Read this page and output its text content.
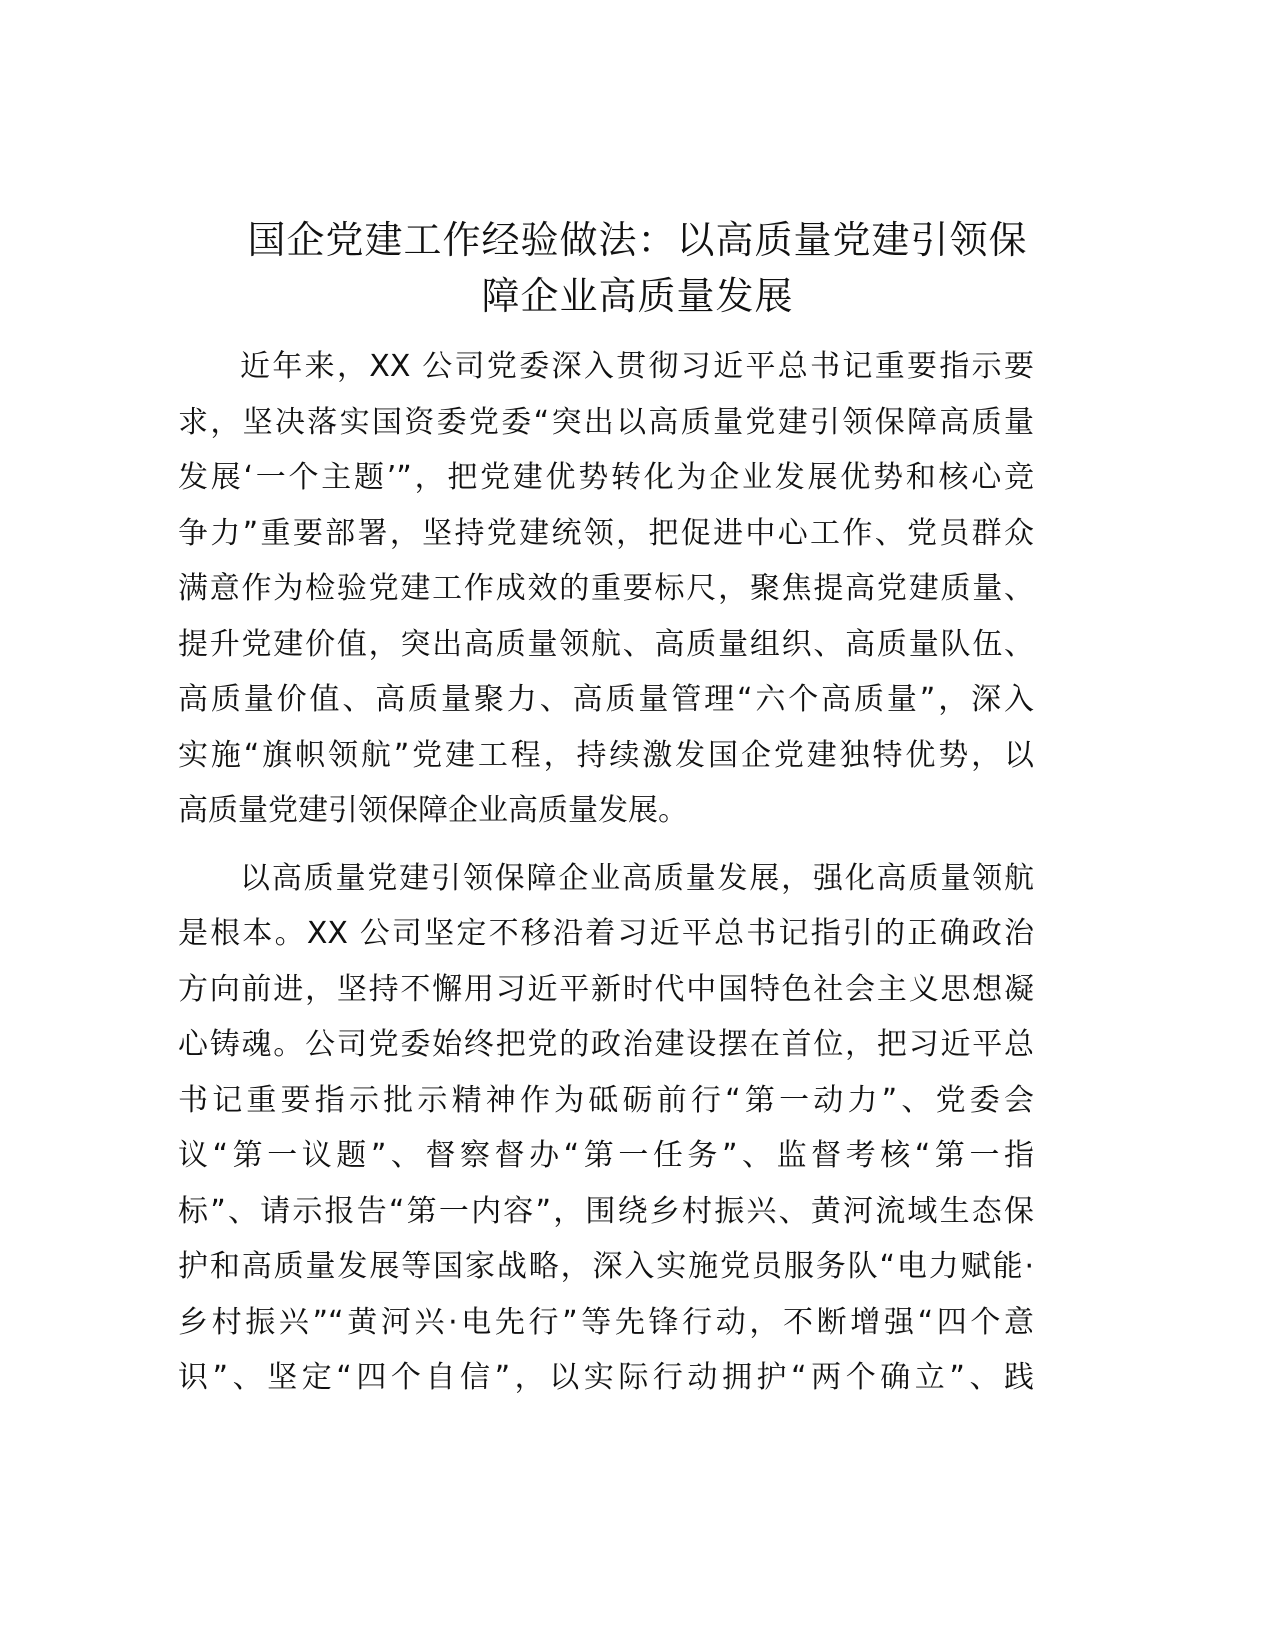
国企党建工作经验做法：以高质量党建引领保
障企业高质量发展
近年来，XX 公司党委深入贯彻习近平总书记重要指示要
求，坚决落实国资委党委“突出以高质量党建引领保障高质量
发展‘一个主题’”，把党建优势转化为企业发展优势和核心竞
争力”重要部署，坚持党建统领，把促进中心工作、党员群众
满意作为检验党建工作成效的重要标尺，聚焦提高党建质量、
提升党建价值，突出高质量领航、高质量组织、高质量队伍、
高质量价值、高质量聚力、高质量管理“六个高质量”，深入
实施“旗帜领航”党建工程，持续激发国企党建独特优势，以
高质量党建引领保障企业高质量发展。
以高质量党建引领保障企业高质量发展，强化高质量领航
是根本。XX 公司坚定不移沿着习近平总书记指引的正确政治
方向前进，坚持不懈用习近平新时代中国特色社会主义思想凝
心铸魂。公司党委始终把党的政治建设摆在首位，把习近平总
书记重要指示批示精神作为砥砺前行“第一动力”、党委会
议“第一议题”、督察督办“第一任务”、监督考核“第一指
标”、请示报告“第一内容”，围绕乡村振兴、黄河流域生态保
护和高质量发展等国家战略，深入实施党员服务队“电力赋能·
乡村振兴”“黄河兴·电先行”等先锋行动，不断增强“四个意
识”、坚定“四个自信”，以实际行动拥护“两个确立”、践
